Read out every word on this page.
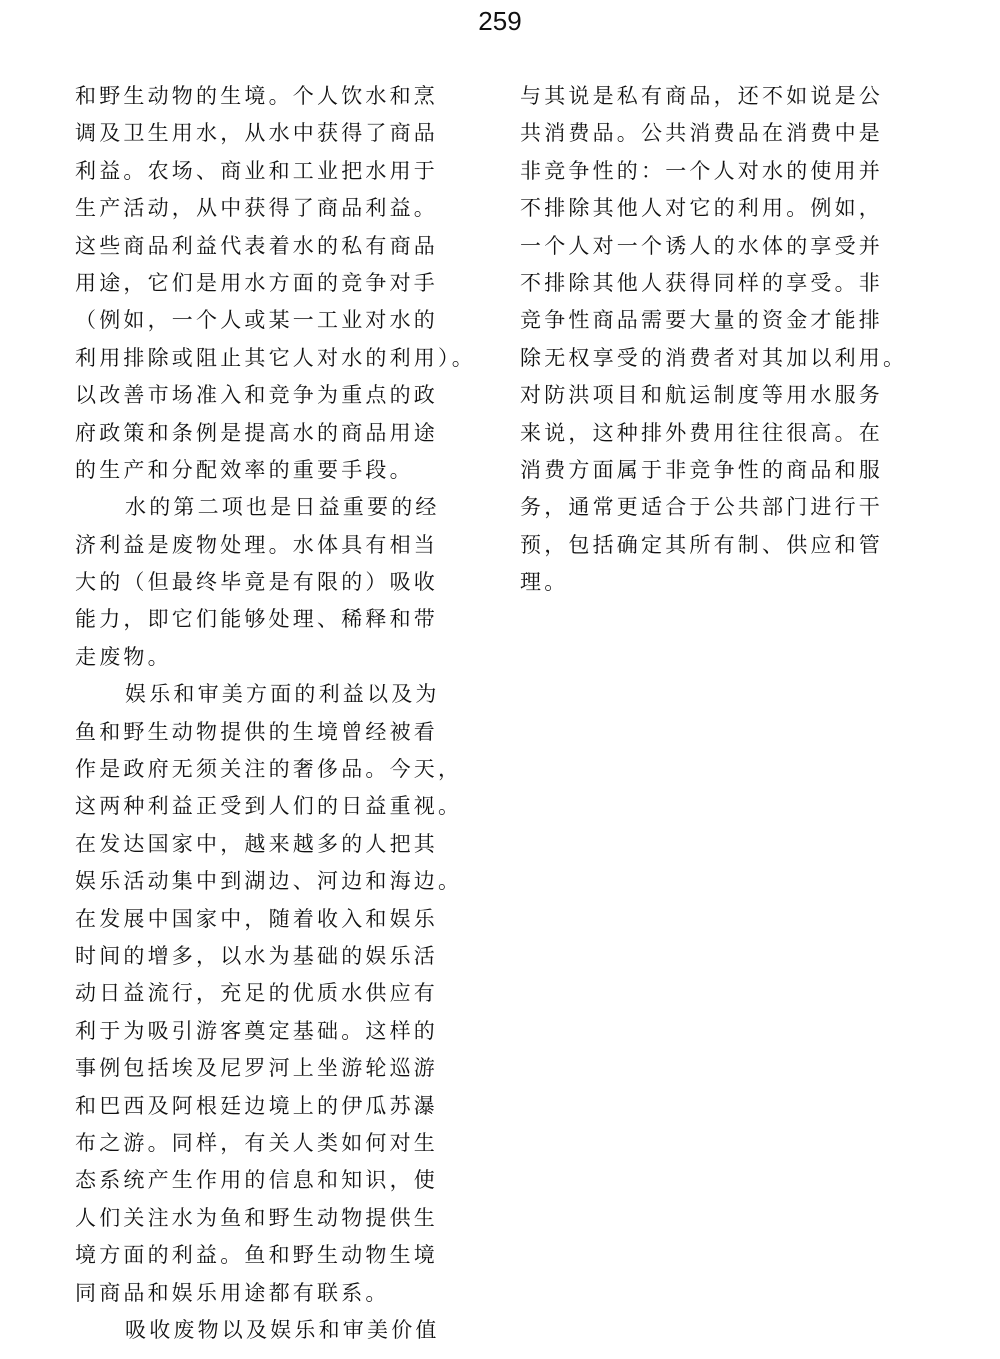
259
和野生动物的生境。个人饮水和烹
调及卫生用水，从水中获得了商品
利益。农场、商业和工业把水用于
生产活动，从中获得了商品利益。
这些商品利益代表着水的私有商品
用途，它们是用水方面的竞争对手
（例如，一个人或某一工业对水的
利用排除或阻止其它人对水的利用）。
以改善市场准入和竞争为重点的政
府政策和条例是提高水的商品用途
的生产和分配效率的重要手段。
水的第二项也是日益重要的经
济利益是废物处理。水体具有相当
大的（但最终毕竟是有限的）吸收
能力，即它们能够处理、稀释和带
走废物。
娱乐和审美方面的利益以及为
鱼和野生动物提供的生境曾经被看
作是政府无须关注的奢侈品。今天，
这两种利益正受到人们的日益重视。
在发达国家中，越来越多的人把其
娱乐活动集中到湖边、河边和海边。
在发展中国家中，随着收入和娱乐
时间的增多，以水为基础的娱乐活
动日益流行，充足的优质水供应有
利于为吸引游客奠定基础。这样的
事例包括埃及尼罗河上坐游轮巡游
和巴西及阿根廷边境上的伊瓜苏瀑
布之游。同样，有关人类如何对生
态系统产生作用的信息和知识，使
人们关注水为鱼和野生动物提供生
境方面的利益。鱼和野生动物生境
同商品和娱乐用途都有联系。
吸收废物以及娱乐和审美价值
与其说是私有商品，还不如说是公
共消费品。公共消费品在消费中是
非竞争性的：一个人对水的使用并
不排除其他人对它的利用。例如，
一个人对一个诱人的水体的享受并
不排除其他人获得同样的享受。非
竞争性商品需要大量的资金才能排
除无权享受的消费者对其加以利用。
对防洪项目和航运制度等用水服务
来说，这种排外费用往往很高。在
消费方面属于非竞争性的商品和服
务，通常更适合于公共部门进行干
预，包括确定其所有制、供应和管
理。
